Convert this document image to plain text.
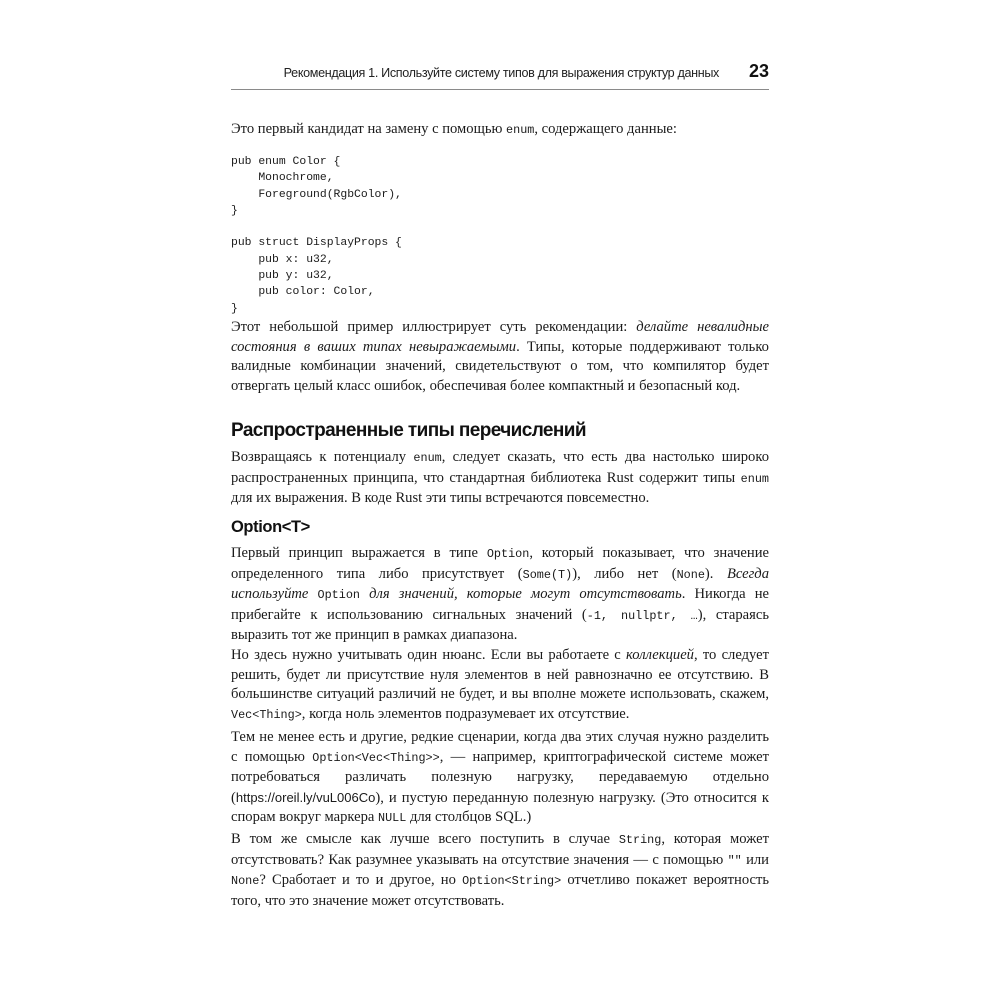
Рекомендация 1. Используйте систему типов для выражения структур данных 23

Это первый кандидат на замену с помощью enum, содержащего данные:

pub enum Color {
Monochrome,
Foreground(RgbColor),
}

pub struct DisplayProps {
pub x: u32,
pub y: u32,
pub color: Color,
}

Этот небольшой пример иллюстрирует суть рекомендации: делайте невалидные состояния в ваших типах невыражаемыми. Типы, которые поддерживают только валидные комбинации значений, свидетельствуют о том, что компилятор будет отвергать целый класс ошибок, обеспечивая более компактный и безопасный код.

Распространенные типы перечислений

Возвращаясь к потенциалу enum, следует сказать, что есть два настолько широко распространенных принципа, что стандартная библиотека Rust содержит типы enum для их выражения. В коде Rust эти типы встречаются повсеместно.

Option<T>

Первый принцип выражается в типе Option, который показывает, что значение определенного типа либо присутствует (Some(T)), либо нет (None). Всегда используйте Option для значений, которые могут отсутствовать. Никогда не прибегайте к использованию сигнальных значений (-1, nullptr, …), стараясь выразить тот же принцип в рамках диапазона.

Но здесь нужно учитывать один нюанс. Если вы работаете с коллекцией, то следует решить, будет ли присутствие нуля элементов в ней равнозначно ее отсутствию. В большинстве ситуаций различий не будет, и вы вполне можете использовать, скажем, Vec<Thing>, когда ноль элементов подразумевает их отсутствие.

Тем не менее есть и другие, редкие сценарии, когда два этих случая нужно разделить с помощью Option<Vec<Thing>>, — например, криптографической системе может потребоваться различать полезную нагрузку, передаваемую отдельно (https://oreil.ly/vuL006Co), и пустую переданную полезную нагрузку. (Это относится к спорам вокруг маркера NULL для столбцов SQL.)

В том же смысле как лучше всего поступить в случае String, которая может отсутствовать? Как разумнее указывать на отсутствие значения — с помощью "" или None? Сработает и то и другое, но Option<String> отчетливо покажет вероятность того, что это значение может отсутствовать.
